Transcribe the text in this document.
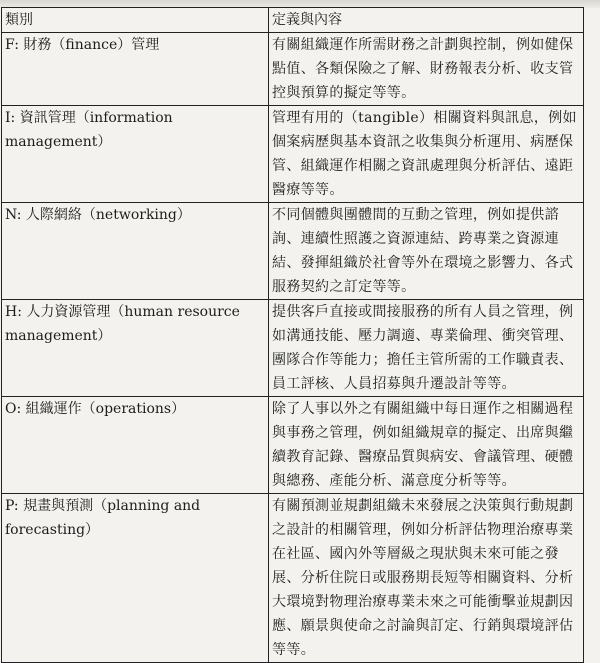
類別	定義與內容
F: 財務（finance）管理	有關組織運作所需財務之計劃與控制，例如健保點值、各類保險之了解、財務報表分析、收支管控與預算的擬定等等。
I: 資訊管理（information management）	管理有用的（tangible）相關資料與訊息，例如個案病歷與基本資訊之收集與分析運用、病歷保管、組織運作相關之資訊處理與分析評估、遠距醫療等等。
N: 人際網絡（networking）	不同個體與團體間的互動之管理，例如提供諮詢、連續性照護之資源連結、跨專業之資源連結、發揮組織於社會等外在環境之影響力、各式服務契約之訂定等等。
H: 人力資源管理（human resource management）	提供客戶直接或間接服務的所有人員之管理，例如溝通技能、壓力調適、專業倫理、衝突管理、團隊合作等能力；擔任主管所需的工作職責表、員工評核、人員招募與升遷設計等等。
O: 組織運作（operations）	除了人事以外之有關組織中每日運作之相關過程與事務之管理，例如組織規章的擬定、出席與繼續教育記錄、醫療品質與病安、會議管理、硬體與總務、產能分析、滿意度分析等等。
P: 規畫與預測（planning and forecasting）	有關預測並規劃組織未來發展之決策與行動規劃之設計的相關管理，例如分析評估物理治療專業在社區、國內外等層級之現狀與未來可能之發展、分析住院日或服務期長短等相關資料、分析大環境對物理治療專業未來之可能衝擊並規劃因應、願景與使命之討論與訂定、行銷與環境評估等等。
